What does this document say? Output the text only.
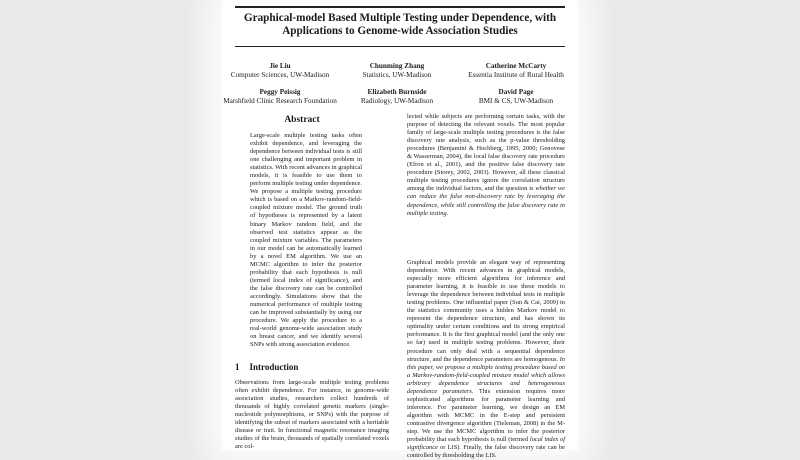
Graphical-model Based Multiple Testing under Dependence, with Applications to Genome-wide Association Studies
Jie Liu
Computer Sciences, UW-Madison
Chunming Zhang
Statistics, UW-Madison
Catherine McCarty
Essentia Institute of Rural Health
Peggy Peissig
Marshfield Clinic Research Foundation
Elizabeth Burnside
Radiology, UW-Madison
David Page
BMI & CS, UW-Madison
Abstract

Large-scale multiple testing tasks often exhibit dependence, and leveraging the dependence between individual tests is still one challenging and important problem in statistics. With recent advances in graphical models, it is feasible to use them to perform multiple testing under dependence. We propose a multiple testing procedure which is based on a Markov-random-field-coupled mixture model. The ground truth of hypotheses is represented by a latent binary Markov random field, and the observed test statistics appear as the coupled mixture variables. The parameters in our model can be automatically learned by a novel EM algorithm. We use an MCMC algorithm to infer the posterior probability that each hypothesis is null (termed local index of significance), and the false discovery rate can be controlled accordingly. Simulations show that the numerical performance of multiple testing can be improved substantially by using our procedure. We apply the procedure to a real-world genome-wide association study on breast cancer, and we identify several SNPs with strong association evidence.

1 Introduction

Observations from large-scale multiple testing problems often exhibit dependence. For instance, in genome-wide association studies, researchers collect hundreds of thousands of highly correlated genetic markers (single-nucleotide polymorphisms, or SNPs) with the purpose of identifying the subset of markers associated with a heritable disease or trait. In functional magnetic resonance imaging studies of the brain, thousands of spatially correlated voxels are col-

lected while subjects are performing certain tasks, with the purpose of detecting the relevant voxels. The most popular family of large-scale multiple testing procedures is the false discovery rate analysis, such as the p-value thresholding procedures (Benjamini & Hochberg, 1995, 2000; Genovese & Wasserman, 2004), the local false discovery rate procedure (Efron et al., 2001), and the positive false discovery rate procedure (Storey, 2002, 2003). However, all these classical multiple testing procedures ignore the correlation structure among the individual factors, and the question is whether we can reduce the false non-discovery rate by leveraging the dependence, while still controlling the false discovery rate in multiple testing.

Graphical models provide an elegant way of representing dependence. With recent advances in graphical models, especially more efficient algorithms for inference and parameter learning, it is feasible to use these models to leverage the dependence between individual tests in multiple testing problems. One influential paper (Sun & Cai, 2009) in the statistics community uses a hidden Markov model to represent the dependence structure, and has shown its optimality under certain conditions and its strong empirical performance. It is the first graphical model (and the only one so far) used in multiple testing problems. However, their procedure can only deal with a sequential dependence structure, and the dependence parameters are homogenous. In this paper, we propose a multiple testing procedure based on a Markov-random-field-coupled mixture model which allows arbitrary dependence structures and heterogeneous dependence parameters. This extension requires more sophisticated algorithms for parameter learning and inference. For parameter learning, we design an EM algorithm with MCMC in the E-step and persistent contrastive divergence algorithm (Tieleman, 2008) in the M-step. We use the MCMC algorithm to infer the posterior probability that each hypothesis is null (termed local index of significance or LIS). Finally, the false discovery rate can be controlled by thresholding the LIS.
